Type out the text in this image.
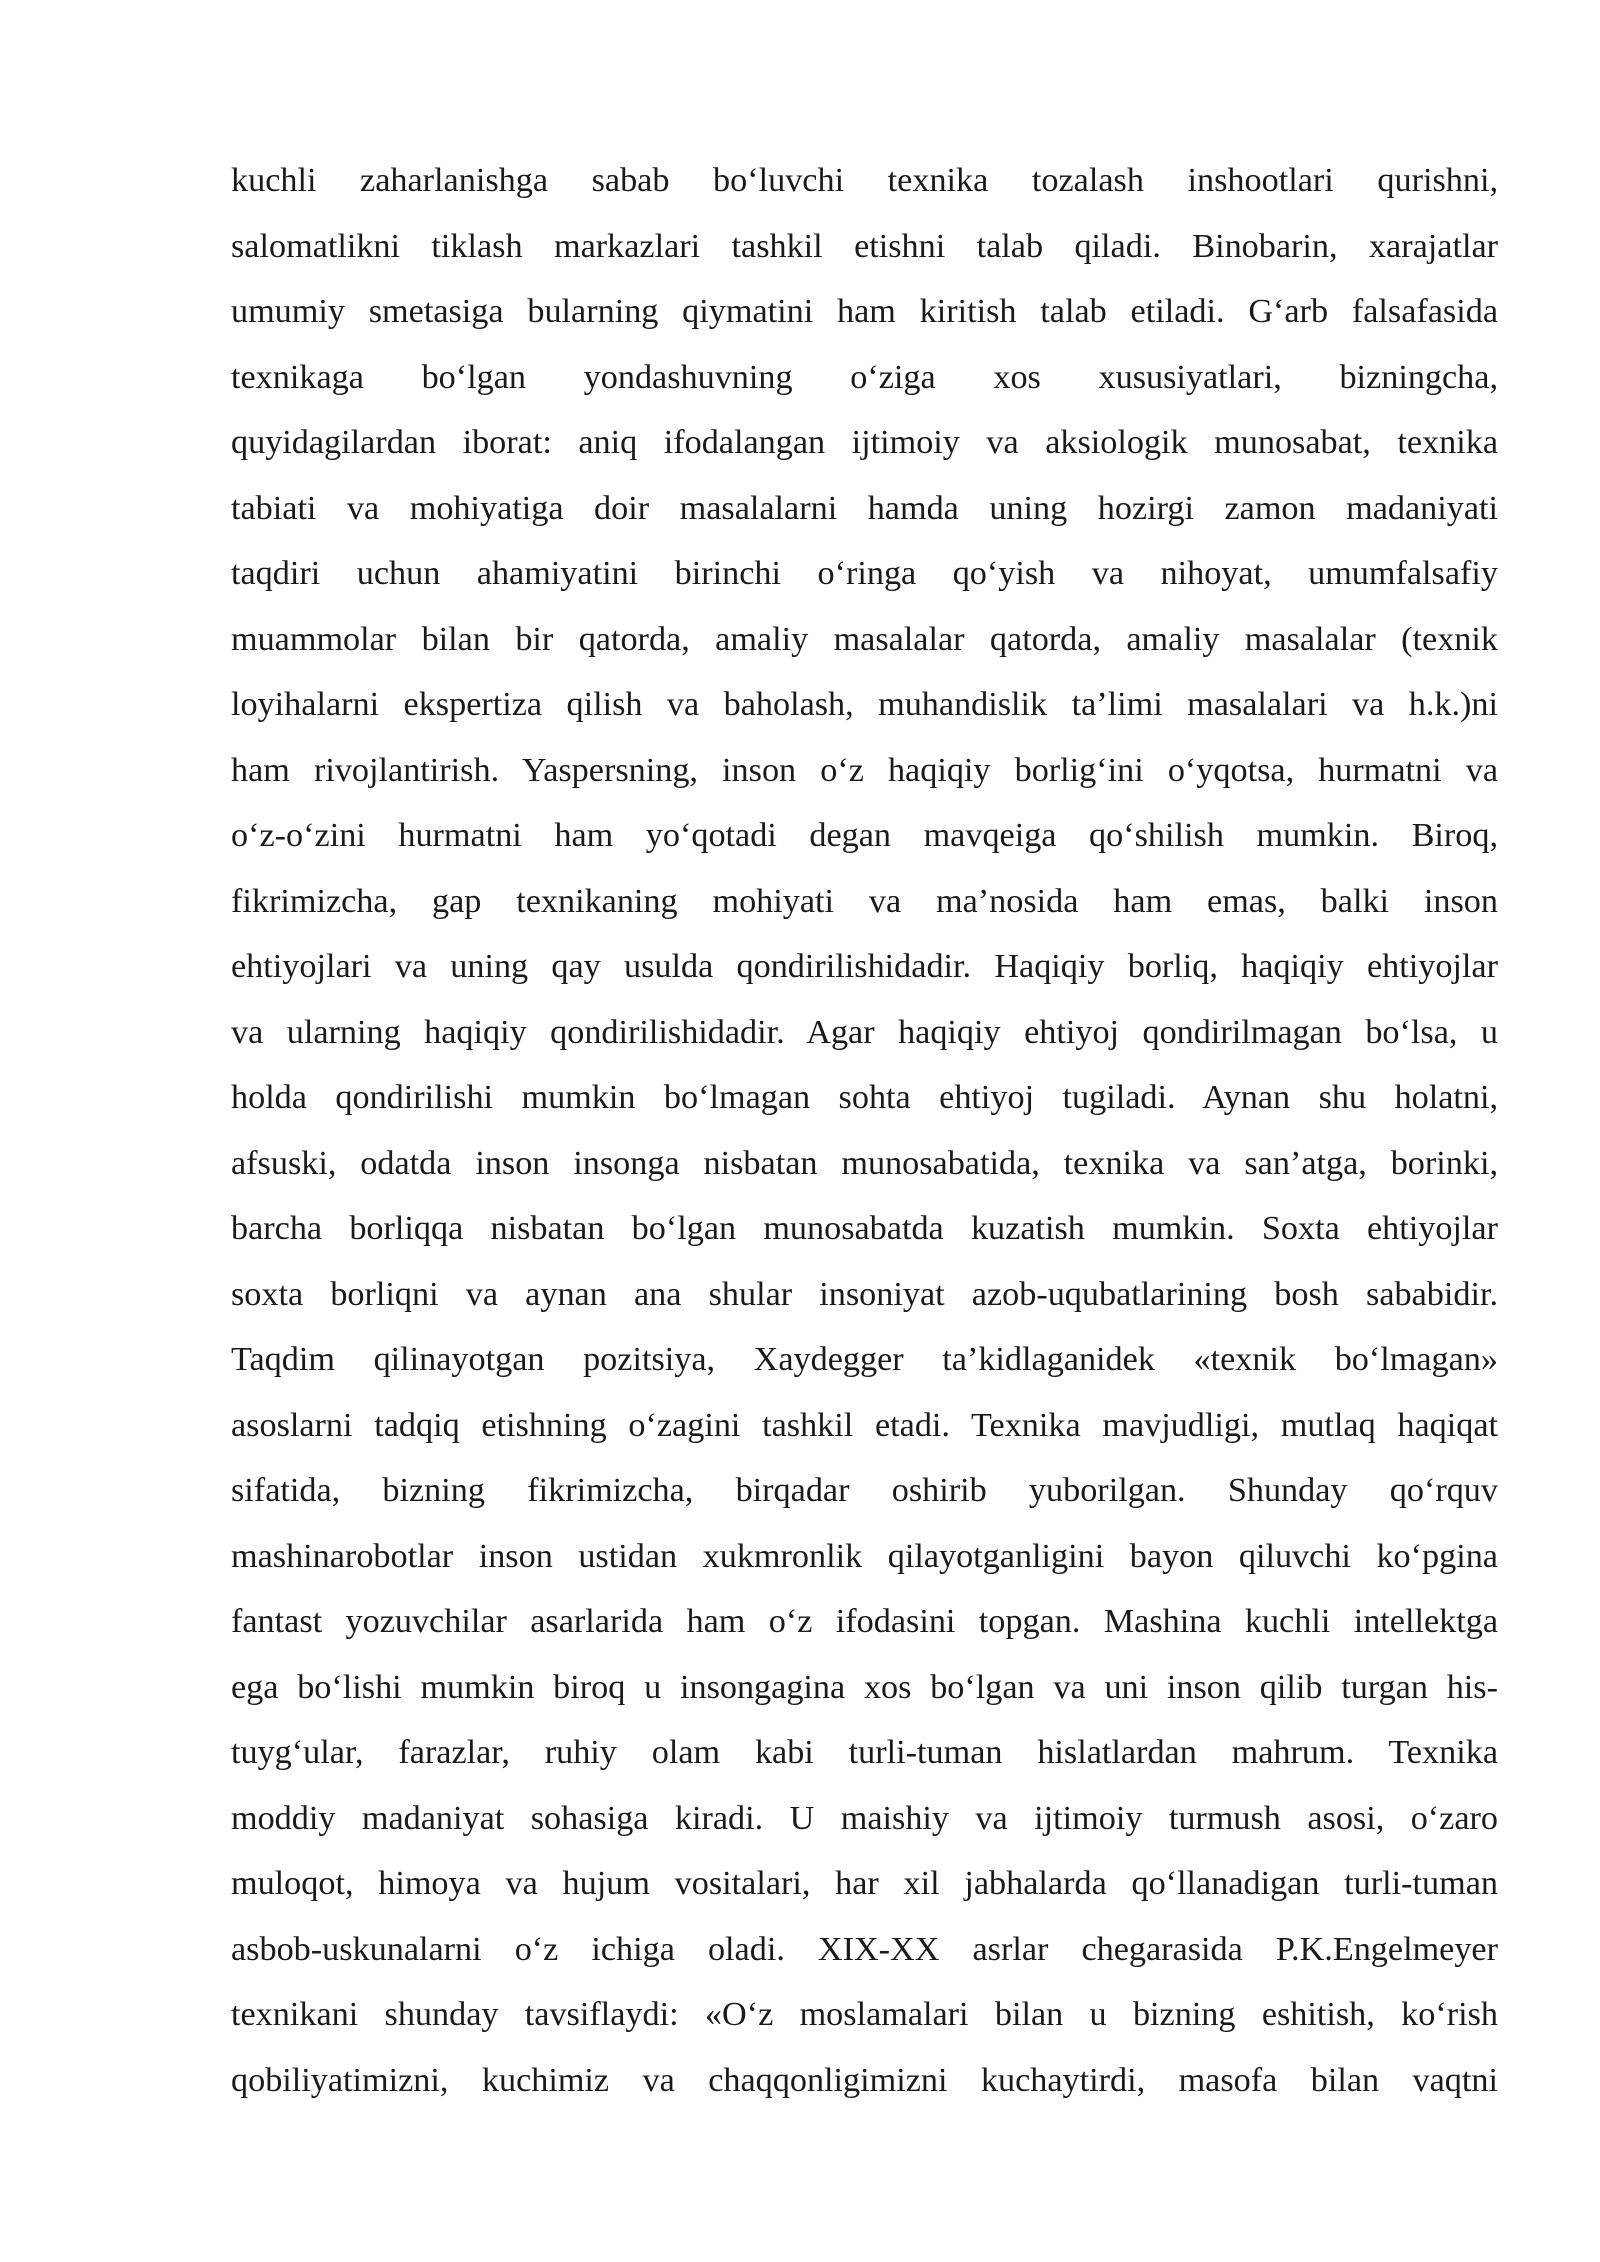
kuchli zaharlanishga sabab bo‘luvchi texnika tozalash inshootlari qurishni,
salomatlikni tiklash markazlari tashkil etishni talab qiladi. Binobarin, xarajatlar
umumiy smetasiga bularning qiymatini ham kiritish talab etiladi. G‘arb falsafasida
texnikaga bo‘lgan yondashuvning o‘ziga xos xususiyatlari, bizningcha,
quyidagilardan iborat: aniq ifodalangan ijtimoiy va aksiologik munosabat, texnika
tabiati va mohiyatiga doir masalalarni hamda uning hozirgi zamon madaniyati
taqdiri uchun ahamiyatini birinchi o‘ringa qo‘yish va nihoyat, umumfalsafiy
muammolar bilan bir qatorda, amaliy masalalar qatorda, amaliy masalalar (texnik
loyihalarni ekspertiza qilish va baholash, muhandislik ta’limi masalalari va h.k.)ni
ham rivojlantirish. Yaspersning, inson o‘z haqiqiy borlig‘ini o‘yqotsa, hurmatni va
o‘z-o‘zini hurmatni ham yo‘qotadi degan mavqeiga qo‘shilish mumkin. Biroq,
fikrimizcha, gap texnikaning mohiyati va ma’nosida ham emas, balki inson
ehtiyojlari va uning qay usulda qondirilishidadir. Haqiqiy borliq, haqiqiy ehtiyojlar
va ularning haqiqiy qondirilishidadir. Agar haqiqiy ehtiyoj qondirilmagan bo‘lsa, u
holda qondirilishi mumkin bo‘lmagan sohta ehtiyoj tugiladi. Aynan shu holatni,
afsuski, odatda inson insonga nisbatan munosabatida, texnika va san’atga, borinki,
barcha borliqqa nisbatan bo‘lgan munosabatda kuzatish mumkin. Soxta ehtiyojlar
soxta borliqni va aynan ana shular insoniyat azob-uqubatlarining bosh sababidir.
Taqdim qilinayotgan pozitsiya, Xaydegger ta’kidlaganidek «texnik bo‘lmagan»
asoslarni tadqiq etishning o‘zagini tashkil etadi. Texnika mavjudligi, mutlaq haqiqat
sifatida, bizning fikrimizcha, birqadar oshirib yuborilgan. Shunday qo‘rquv
mashinarobotlar inson ustidan xukmronlik qilayotganligini bayon qiluvchi ko‘pgina
fantast yozuvchilar asarlarida ham o‘z ifodasini topgan. Mashina kuchli intellektga
ega bo‘lishi mumkin biroq u insongagina xos bo‘lgan va uni inson qilib turgan his-
tuyg‘ular, farazlar, ruhiy olam kabi turli-tuman hislatlardan mahrum. Texnika
moddiy madaniyat sohasiga kiradi. U maishiy va ijtimoiy turmush asosi, o‘zaro
muloqot, himoya va hujum vositalari, har xil jabhalarda qo‘llanadigan turli-tuman
asbob-uskunalarni o‘z ichiga oladi. XIX-XX asrlar chegarasida P.K.Engelmeyer
texnikani shunday tavsiflaydi: «O‘z moslamalari bilan u bizning eshitish, ko‘rish
qobiliyatimizni, kuchimiz va chaqqonligimizni kuchaytirdi, masofa bilan vaqtni
